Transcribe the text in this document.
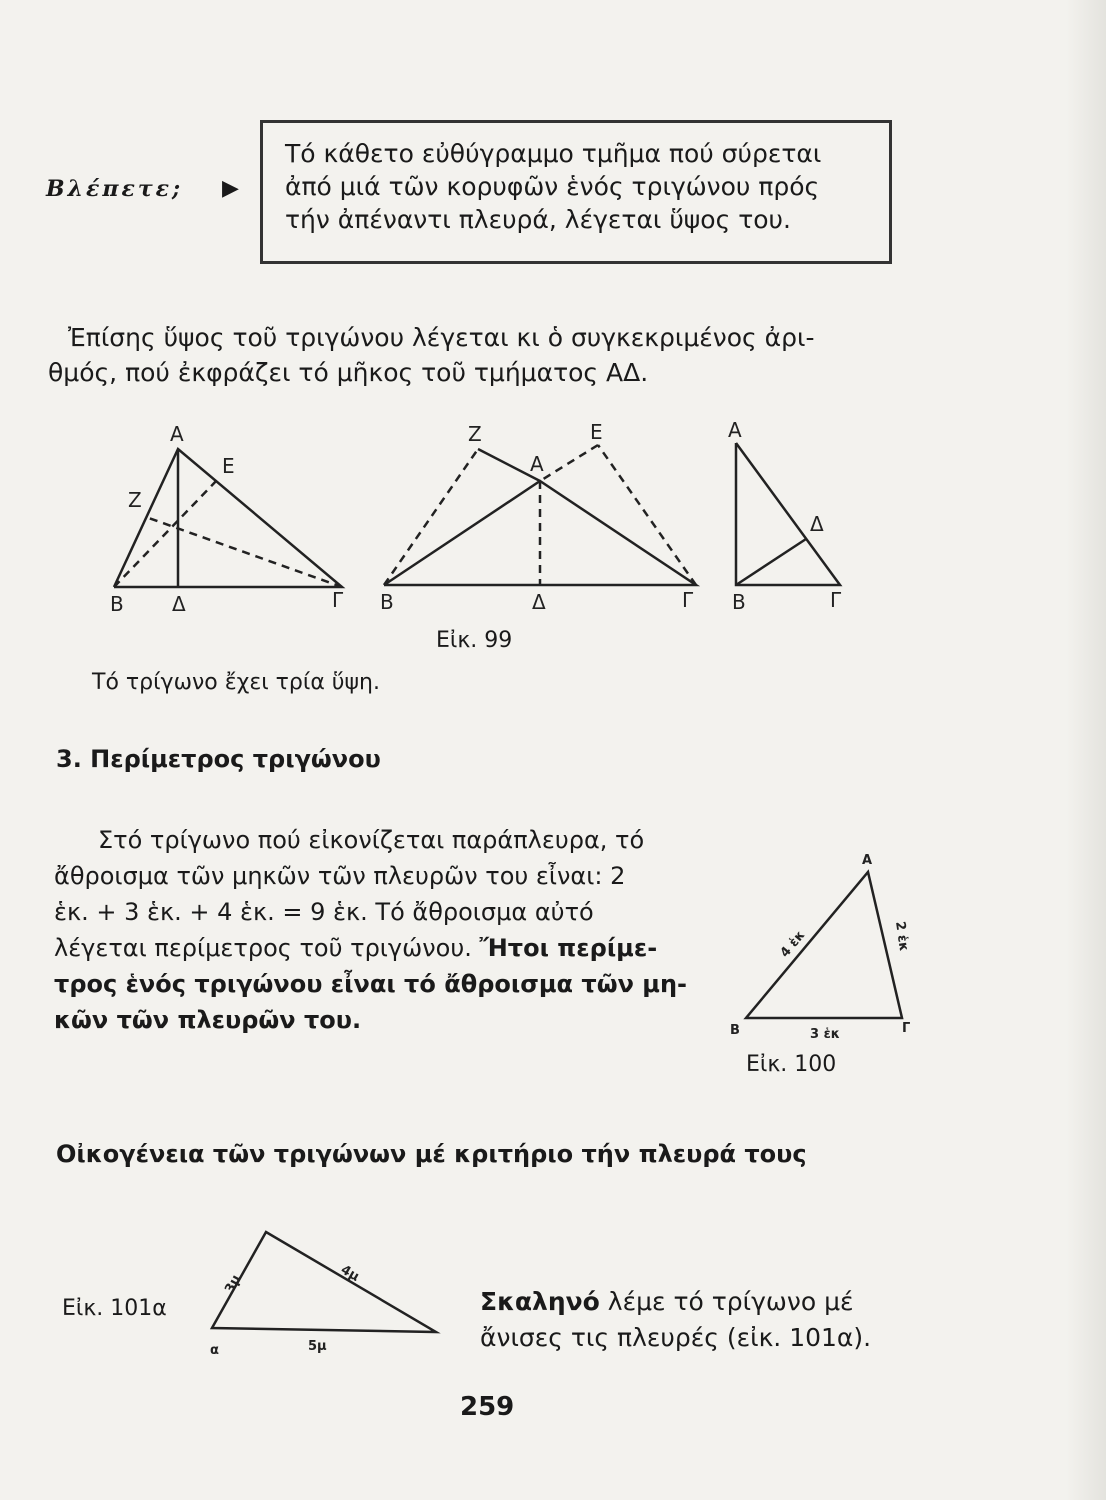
Βλέπετε; ▶
Τό κάθετο εὐθύγραμμο τμῆμα πού σύρεται
ἀπό μιά τῶν κορυφῶν ἑνός τριγώνου πρός
τήν ἀπέναντι πλευρά, λέγεται ὕψος του.
Ἐπίσης ὕψος τοῦ τριγώνου λέγεται κι ὁ συγκεκριμένος ἀρι-
θμός, πού ἐκφράζει τό μῆκος τοῦ τμήματος ΑΔ.
Α
Ε
Ζ
Β Δ	Γ
Ζ	Ε
Α
Β	Δ	Γ
Α
Δ
Β	Γ
Εἰκ. 99
Τό τρίγωνο ἔχει τρία ὕψη.
3. Περίμετρος τριγώνου
Στό τρίγωνο πού εἰκονίζεται παράπλευρα, τό
ἄθροισμα τῶν μηκῶν τῶν πλευρῶν του εἶναι: 2
ἑκ. + 3 ἑκ. + 4 ἑκ. = 9 ἑκ. Τό ἄθροισμα αὐτό
λέγεται περίμετρος τοῦ τριγώνου. Ἤτοι περίμε-
τρος ἑνός τριγώνου εἶναι τό ἄθροισμα τῶν μη-
κῶν τῶν πλευρῶν του.
Α
Β	Γ
3 ἑκ
4 ἑκ	2 ἑκ
Εἰκ. 100
Οἰκογένεια τῶν τριγώνων μέ κριτήριο τήν πλευρά τους
3μ	4μ
5μ
α
Εἰκ. 101α	Σκαληνό λέμε τό τρίγωνο μέ
ἄνισες τις πλευρές (εἰκ. 101α).
259
